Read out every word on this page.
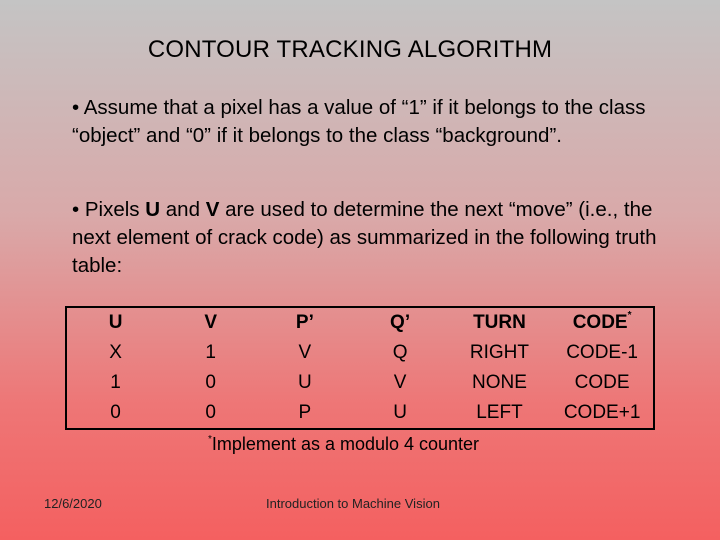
CONTOUR TRACKING ALGORITHM
• Assume that a pixel has a value of “1” if it belongs to the class “object” and “0” if it belongs to the class “background”.
• Pixels U and V are used to determine the next “move” (i.e., the next element of crack code) as summarized in the following truth table:
U	V	P’	Q’	TURN	CODE*
X	1	V	Q	RIGHT	CODE-1
1	0	U	V	NONE	CODE
0	0	P	U	LEFT	CODE+1
*Implement as a modulo 4 counter
12/6/2020	Introduction to Machine Vision
